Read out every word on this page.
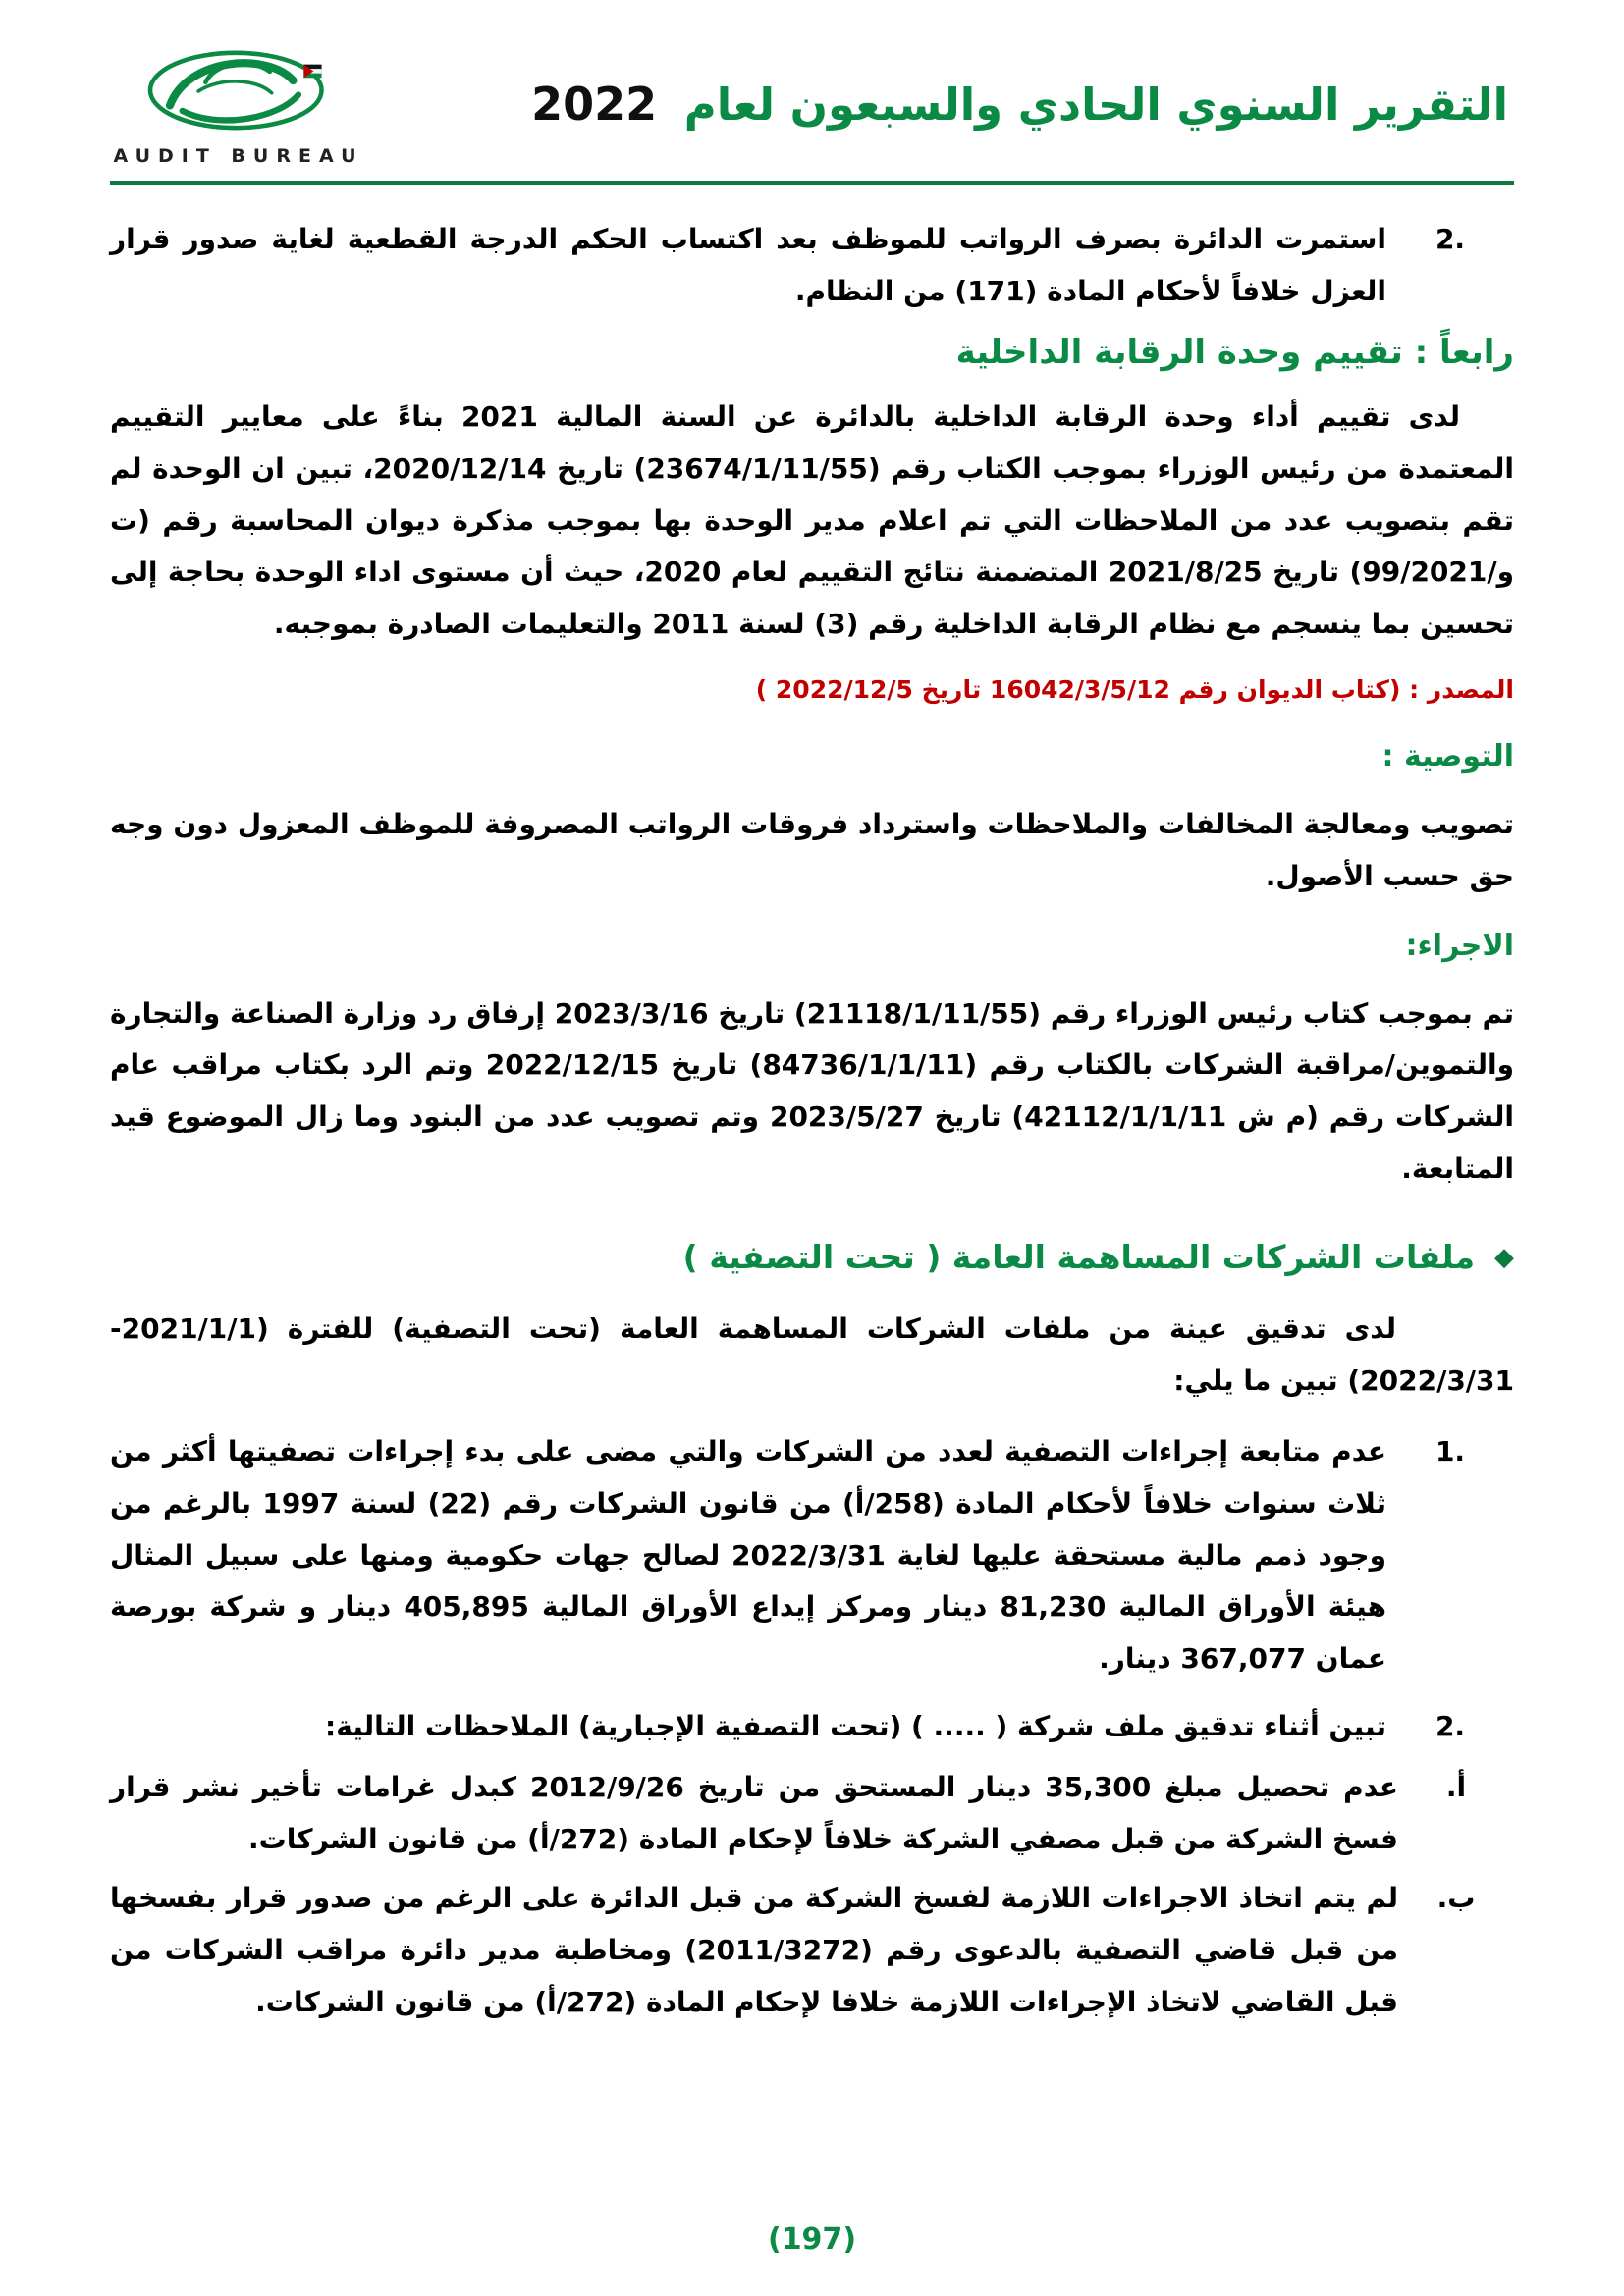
التقرير السنوي الحادي والسبعون لعام 2022
AUDIT BUREAU
2.
استمرت الدائرة بصرف الرواتب للموظف بعد اكتساب الحكم الدرجة القطعية لغاية صدور قرار العزل خلافاً لأحكام المادة (171) من النظام.
رابعاً : تقييم وحدة الرقابة الداخلية

لدى تقييم أداء وحدة الرقابة الداخلية بالدائرة عن السنة المالية 2021 بناءً على معايير التقييم المعتمدة من رئيس الوزراء بموجب الكتاب رقم (23674/1/11/55) تاريخ 2020/12/14، تبين ان الوحدة لم تقم بتصويب عدد من الملاحظات التي تم اعلام مدير الوحدة بها بموجب مذكرة ديوان المحاسبة رقم (ت و/99/2021) تاريخ 2021/8/25 المتضمنة نتائج التقييم لعام 2020، حيث أن مستوى اداء الوحدة بحاجة إلى تحسين بما ينسجم مع نظام الرقابة الداخلية رقم (3) لسنة 2011 والتعليمات الصادرة بموجبه.

المصدر : (كتاب الديوان رقم 16042/3/5/12 تاريخ 2022/12/5 )

التوصية :

تصويب ومعالجة المخالفات والملاحظات واسترداد فروقات الرواتب المصروفة للموظف المعزول دون وجه حق حسب الأصول.

الاجراء:

تم بموجب كتاب رئيس الوزراء رقم (21118/1/11/55) تاريخ 2023/3/16 إرفاق رد وزارة الصناعة والتجارة والتموين/مراقبة الشركات بالكتاب رقم (84736/1/1/11) تاريخ 2022/12/15 وتم الرد بكتاب مراقب عام الشركات رقم (م ش 42112/1/1/11) تاريخ 2023/5/27 وتم تصويب عدد من البنود وما زال الموضوع قيد المتابعة.

◆
ملفات الشركات المساهمة العامة ( تحت التصفية )

لدى تدقيق عينة من ملفات الشركات المساهمة العامة (تحت التصفية) للفترة (2021/1/1-2022/3/31) تبين ما يلي:

1.
عدم متابعة إجراءات التصفية لعدد من الشركات والتي مضى على بدء إجراءات تصفيتها أكثر من ثلاث سنوات خلافاً لأحكام المادة (258/أ) من قانون الشركات رقم (22) لسنة 1997 بالرغم من وجود ذمم مالية مستحقة عليها لغاية 2022/3/31 لصالح جهات حكومية ومنها على سبيل المثال هيئة الأوراق المالية 81,230 دينار ومركز إيداع الأوراق المالية 405,895 دينار و شركة بورصة عمان 367,077 دينار.
2.
تبين أثناء تدقيق ملف شركة ( ..... ) (تحت التصفية الإجبارية) الملاحظات التالية:
أ.
عدم تحصيل مبلغ 35,300 دينار المستحق من تاريخ 2012/9/26 كبدل غرامات تأخير نشر قرار فسخ الشركة من قبل مصفي الشركة خلافاً لإحكام المادة (272/أ) من قانون الشركات.
ب.
لم يتم اتخاذ الاجراءات اللازمة لفسخ الشركة من قبل الدائرة على الرغم من صدور قرار بفسخها من قبل قاضي التصفية بالدعوى رقم (2011/3272) ومخاطبة مدير دائرة مراقب الشركات من قبل القاضي لاتخاذ الإجراءات اللازمة خلافا لإحكام المادة (272/أ) من قانون الشركات.
(197)
